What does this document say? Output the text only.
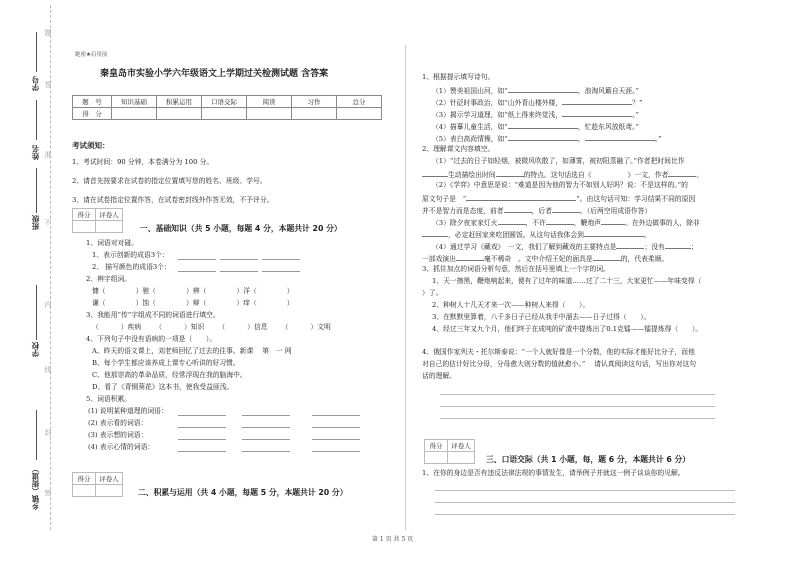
学号
姓名
班级
学校
乡镇（街道）
题
答
准
不
内
线
封
密
絶密★启用前
秦皇岛市实验小学六年级语文上学期过关检测试题 含答案
题　号	知识基础	积累运用	口语交际	阅读	习作	总分
得　分						
考试须知：
1、考试时间：90 分钟，本卷满分为 100 分。
2、请首先按要求在试卷的指定位置填写您的姓名、班级、学号。
3、请在试卷指定位置作答，在试卷密封线外作答无效，不予评分。
得分	评卷人

一、基础知识（共 5 小题，每题 4 分，本题共计 20 分）
1、词语对对碰。
1、表示创新的成语3个：
2、 描写颜色的成语3个：
2、辨字组词。
慷（	）驰（	）辨（	）洋（	）
谦（	）蚀（	）辩（	）痒（	）
3、我能用“传”字组成不同的词语进行填空。
（	）疾病 （	）知识 （	）信息 （	）文明
4、下列句子中没有语病的一项是（　　）。
A、昨天的语文课上，刘老师回忆了过去的往事。新课　 第　一 网
B、每个学生都应该养成上课专心听讲的好习惯。
C、他那崇高的革命品质，经常浮现在我的脑海中。
D、看了《青铜葵花》这本书，使我受益匪浅。
5、词语积累。
(1) 说明某种道理的词语：
(2) 表示看的词语：
(3) 表示想的词语：
(4) 表示心情的词语：
得分	评卷人

二、积累与运用（共 4 小题，每题 5 分，本题共计 20 分）
1、根据提示填写诗句。
（1）赞美祖国山河，如“	，浪淘风簸自天涯。”
（2）针砭时事政治，如“山外青山楼外楼，	？”
（3）揭示学习道理，如“纸上得来终觉浅，	。”
（4）描摹儿童生活，如“	，忙趁东风放纸鸢。”
（5）表白高尚情操，如“	，	。”
2、理解课文内容填空。
（1）“过去的日子如轻烟，被微风吹散了，如薄雾，被初阳蒸融了。”作者把时间比作
生动描绘出时间	的特点。这句话选自《	》一文，作者	。
（2）《学弈》中意思是说：“难道是因为他的智力不如别人好吗？说：不是这样的。”的
原文句子是　“	”。由这句话可知：学习结果不同的原因
并不是智力而是态度，前者	，后者	。（后两空用成语作答）
（3）除夕夜家家灯火	，不许	，鞭炮声	。在外边做事的人，除非
，必定赶回家来吃团圆饭。从这句话我体会到	。
（4）通过学习《藏戏》　一文，我们了解到藏戏的主要特点是	；没有	；
一部戏演出	毫不稀奇　。文中介绍王妃的面具是	的，代表柔顺。
3、抓住加点的词语分析句意，然后在括号里填上一个字的词。
1、天一擦黑，鞭炮响起来，便有了过年的味道……过了二十三，大家更忙——年味变得（
）了。
2、种树人十几天才来一次——种树人来得（　　）。
3、在默默里算着，八千多日子已经从我手中溜去——日子过得（　　）。
4、经过三年又九个月，他们终于在成吨的矿渣中提炼出了0.1克镭——镭提炼得（　　）。
4、俄国作家列夫・托尔斯泰说：“一个人就好像是一个分数，他的实际才能好比分子，而他
对自己的估计好比分母，分母愈大则分数的值就愈小。”　 请认真阅读这句话，写出你对这句
话的理解。
得分	评卷人

三、口语交际（共 1 小题，每，题 6 分，本题共计 6 分）
1、在你的身边是否有违反法律法规的事情发生，请举例子并就这一例子谈谈你的见解。
第 1 页 共 5 页
